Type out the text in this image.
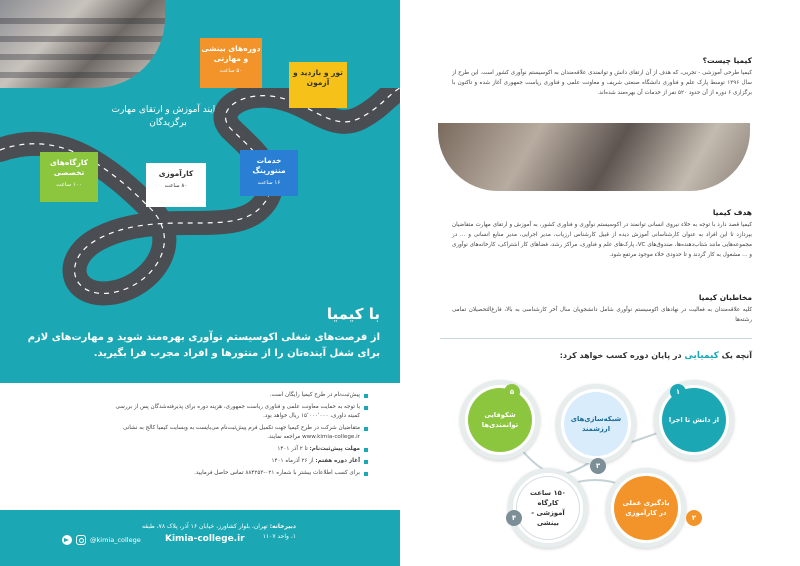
فرایند آموزش و ارتقای مهارت برگزیدگان
دوره‌های بینشی و مهارتی
۵۰ ساعت	تور و بازدید و آزمون
خدمات منتورینگ
۱۶ ساعت
کارآموزی
۸۰ ساعت
کارگاه‌های تخصصی
۱۰۰ ساعت
با کیمیا
از فرصت‌های شغلی اکوسیستم نوآوری بهره‌مند شوید و مهارت‌های لازم برای شغل آینده‌تان را از منتورها و افراد مجرب فرا بگیرید.
پیش‌ثبت‌نام در طرح کیمیا رایگان است.
با توجه به حمایت معاونت علمی و فناوری ریاست جمهوری، هزینه دوره برای پذیرفته‌شدگان پس از بررسی کمیته داوری، ۱۵٬۰۰۰٬۰۰۰ ریال خواهد بود.
متقاضیان شرکت در طرح کیمیا جهت تکمیل فرم پیش‌ثبت‌نام می‌بایست به وبسایت کیمیا کالج به نشانی www.kimia-college.ir مراجعه نمایند.
مهلت پیش‌ثبت‌نام: تا ۲ آذر ۱۴۰۱
آغاز دوره هفتم: از ۲۶ آذرماه ۱۴۰۱
برای کسب اطلاعات بیشتر با شماره ۰۲۱-۸۸۴۲۵۳ تماس حاصل فرمایید.
دبیرخانه: تهران، بلوار کشاورز، خیابان ۱۶ آذر، پلاک ۷۸، طبقه ۱، واحد ۱۱۰۷
Kimia-college.ir
@kimia_college
کیمیا چیست؟
کیمیا طرحی آموزشی - تجربی، که هدف از آن ارتقای دانش و توانمندی علاقه‌مندان به اکوسیستم نوآوری کشور است. این طرح از سال ۱۳۹۶ توسط پارک علم و فناوری دانشگاه صنعتی شریف و معاونت علمی و فناوری ریاست جمهوری آغاز شده و تاکنون با برگزاری ۶ دوره از آن حدود ۵۲۰ نفر از خدمات آن بهره‌مند شده‌اند.
هدف کیمیا
کیمیا قصد دارد با توجه به خلاء نیروی انسانی توانمند در اکوسیستم نوآوری و فناوری کشور، به آموزش و ارتقای مهارت متقاضیان بپردازد تا این افراد به عنوان کارشناسانی آموزش دیده از قبیل کارشناس ارزیاب، مدیر اجرایی، مدیر منابع انسانی و ... در مجموعه‌هایی مانند شتاب‌دهنده‌ها، صندوق‌های VC، پارک‌های علم و فناوری، مراکز رشد، فضاهای کار اشتراکی، کارخانه‌های نوآوری و ... مشغول به کار گردند و تا حدودی خلاء موجود مرتفع شود.
مخاطبان کیمیا
کلیه علاقه‌مندان به فعالیت در نهادهای اکوسیستم نوآوری شامل دانشجویان سال آخر کارشناسی به بالا، فارغ‌التحصیلان تمامی رشته‌ها
آنچه یک کیمیایی در پایان دوره کسب خواهد کرد:
شکوفایی توانمندی‌ها
۵
شبکه‌سازی‌های ارزشمند
۳
از دانش تا اجرا
۱
۱۵۰ ساعت کارگاه آموزشی - بینشی
۴
یادگیری عملی در کارآموزی
۲
